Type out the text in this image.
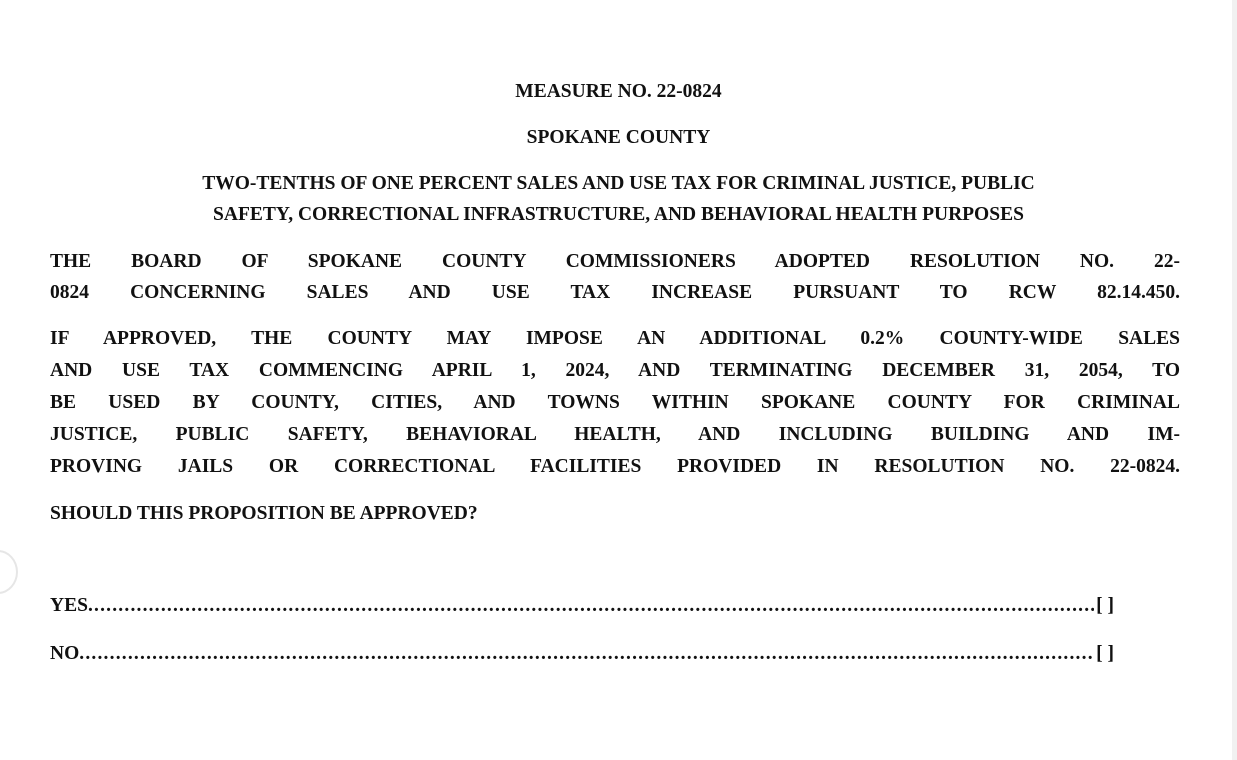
MEASURE NO. 22-0824
SPOKANE COUNTY
TWO-TENTHS OF ONE PERCENT SALES AND USE TAX FOR CRIMINAL JUSTICE, PUBLIC
SAFETY, CORRECTIONAL INFRASTRUCTURE, AND BEHAVIORAL HEALTH PURPOSES
THE BOARD OF SPOKANE COUNTY COMMISSIONERS ADOPTED RESOLUTION NO. 22-
0824 CONCERNING SALES AND USE TAX INCREASE PURSUANT TO RCW 82.14.450.
IF APPROVED, THE COUNTY MAY IMPOSE AN ADDITIONAL 0.2% COUNTY-WIDE SALES
AND USE TAX COMMENCING APRIL 1, 2024, AND TERMINATING DECEMBER 31, 2054, TO
BE USED BY COUNTY, CITIES, AND TOWNS WITHIN SPOKANE COUNTY FOR CRIMINAL
JUSTICE, PUBLIC SAFETY, BEHAVIORAL HEALTH, AND INCLUDING BUILDING AND IM-
PROVING JAILS OR CORRECTIONAL FACILITIES PROVIDED IN RESOLUTION NO. 22-0824.
SHOULD THIS PROPOSITION BE APPROVED?
YES .....	[ ]
NO .....	[ ]
